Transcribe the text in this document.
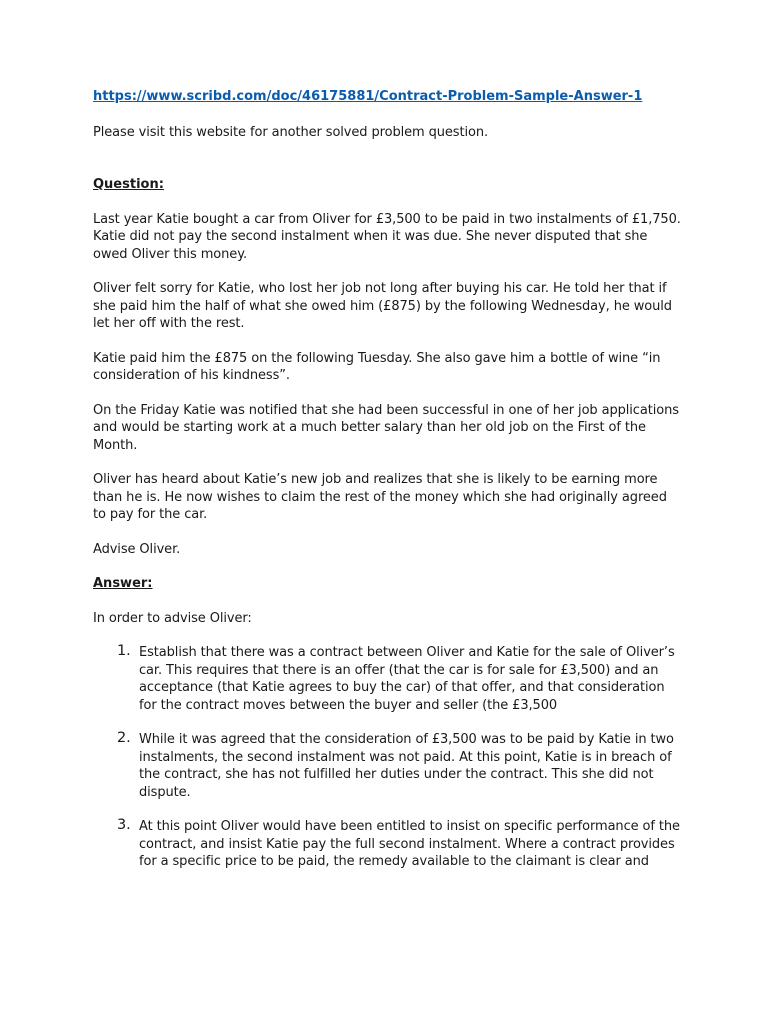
https://www.scribd.com/doc/46175881/Contract-Problem-Sample-Answer-1
Please visit this website for another solved problem question.
Question:
Last year Katie bought a car from Oliver for £3,500 to be paid in two instalments of £1,750. Katie did not pay the second instalment when it was due. She never disputed that she owed Oliver this money.
Oliver felt sorry for Katie, who lost her job not long after buying his car. He told her that if she paid him the half of what she owed him (£875) by the following Wednesday, he would let her off with the rest.
Katie paid him the £875 on the following Tuesday. She also gave him a bottle of wine “in consideration of his kindness”.
On the Friday Katie was notified that she had been successful in one of her job applications and would be starting work at a much better salary than her old job on the First of the Month.
Oliver has heard about Katie’s new job and realizes that she is likely to be earning more than he is. He now wishes to claim the rest of the money which she had originally agreed to pay for the car.
Advise Oliver.
Answer:
In order to advise Oliver:
1. Establish that there was a contract between Oliver and Katie for the sale of Oliver’s car. This requires that there is an offer (that the car is for sale for £3,500) and an acceptance (that Katie agrees to buy the car) of that offer, and that consideration for the contract moves between the buyer and seller (the £3,500
2. While it was agreed that the consideration of £3,500 was to be paid by Katie in two instalments, the second instalment was not paid. At this point, Katie is in breach of the contract, she has not fulfilled her duties under the contract. This she did not dispute.
3. At this point Oliver would have been entitled to insist on specific performance of the contract, and insist Katie pay the full second instalment. Where a contract provides for a specific price to be paid, the remedy available to the claimant is clear and
